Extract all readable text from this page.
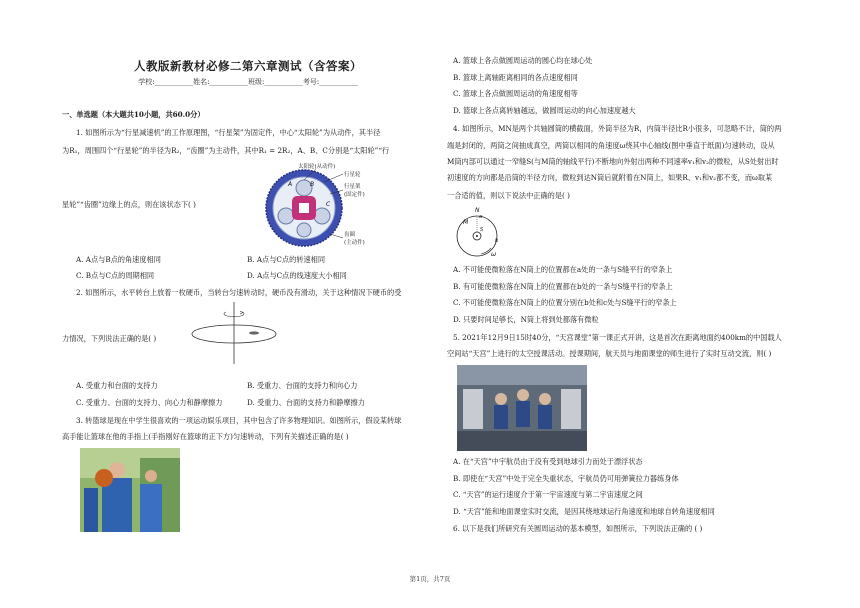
人教版新教材必修二第六章测试（含答案）
学校:___________姓名:___________班级:___________考号:___________
一、单选题（本大题共10小题，共60.0分）
1. 如图所示为“行星减速机”的工作原理图，“行星架”为固定件，中心“太阳轮”为从动件，其半径
为R₁，周围四个“行星轮”的半径为R₂，“齿圈”为主动件，其中R₁ = 2R₂，A、B、C分别是“太阳轮”“行
星轮”“齿圈”边缘上的点，则在该状态下( )
太阳轮(从动件)
行星轮
行星架
(固定件)
齿圈
(主动件)
A	B
C
A. A点与B点的角速度相同	B. A点与C点的转速相同
C. B点与C点的周期相同	D. A点与C点的线速度大小相同
2. 如图所示，水平转台上放着一枚硬币，当转台匀速转动时，硬币没有滑动，关于这种情况下硬币的受
力情况，下列说法正确的是( )
A. 受重力和台面的支持力	B. 受重力、台面的支持力和向心力
C. 受重力、台面的支持力、向心力和静摩擦力	D. 受重力、台面的支持力和静摩擦力
3. 转篮球是现在中学生很喜欢的一项运动娱乐项目，其中包含了许多物理知识。如图所示，假设某转球
高手能让篮球在他的手指上(手指刚好在篮球的正下方)匀速转动，下列有关描述正确的是( )
A. 篮球上各点做圆周运动的圆心均在球心处
B. 篮球上离轴距离相同的各点速度相同
C. 篮球上各点做圆周运动的角速度相等
D. 篮球上各点离转轴越远，做圆周运动的向心加速度越大
4. 如图所示，MN是两个共轴圆筒的横截面，外筒半径为R，内筒半径比R小很多，可忽略不计，筒的两
端是封闭的，两筒之间抽成真空，两筒以相同的角速度ω绕其中心轴线(图中垂直于纸面)匀速转动，设从
M筒内部可以通过一窄缝S(与M筒的轴线平行)不断地向外射出两种不同速率v₁和v₂的微粒，从S处射出时
初速度的方向都是沿筒的半径方向，微粒到达N筒后就附着在N筒上，如果R、v₁和v₂都不变，而ω取某
一合适的值，则以下说法中正确的是( )
N
M
S
a
b
ω
A. 不可能使微粒落在N筒上的位置都在a处的一条与S缝平行的窄条上
B. 有可能使微粒落在N筒上的位置都在b处的一条与S缝平行的窄条上
C. 不可能使微粒落在N筒上的位置分别在b处和c处与S缝平行的窄条上
D. 只要时间足够长，N筒上将到处都落有微粒
5. 2021年12月9日15时40分，“天宫课堂”第一课正式开讲，这是首次在距离地面约400km的中国载人
空间站“天宫”上进行的太空授课活动。授课期间，航天员与地面课堂的师生进行了实时互动交流，则( )
A. 在“天宫”中宇航员由于没有受到地球引力而处于漂浮状态
B. 即使在“天宫”中处于完全失重状态，宇航员仍可用弹簧拉力器练身体
C. “天宫”的运行速度介于第一宇宙速度与第二宇宙速度之间
D. “天宫”能和地面课堂实时交流，是因其绕地球运行角速度和地球自转角速度相同
6. 以下是我们所研究有关圆周运动的基本模型，如图所示，下列说法正确的 ( )
第1页，共7页
